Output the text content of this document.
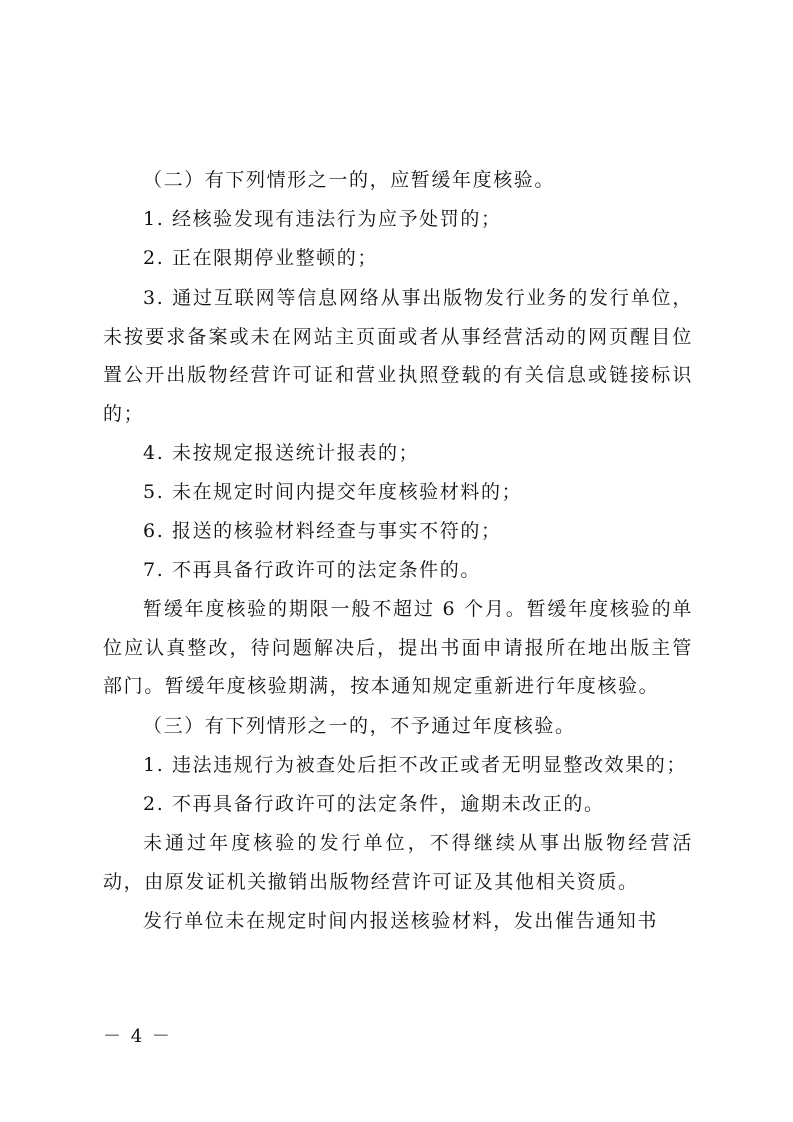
（二）有下列情形之一的，应暂缓年度核验。
1. 经核验发现有违法行为应予处罚的；
2. 正在限期停业整顿的；
3. 通过互联网等信息网络从事出版物发行业务的发行单位，未按要求备案或未在网站主页面或者从事经营活动的网页醒目位置公开出版物经营许可证和营业执照登载的有关信息或链接标识的；
4. 未按规定报送统计报表的；
5. 未在规定时间内提交年度核验材料的；
6. 报送的核验材料经查与事实不符的；
7. 不再具备行政许可的法定条件的。
暂缓年度核验的期限一般不超过 6 个月。暂缓年度核验的单位应认真整改，待问题解决后，提出书面申请报所在地出版主管部门。暂缓年度核验期满，按本通知规定重新进行年度核验。
（三）有下列情形之一的，不予通过年度核验。
1. 违法违规行为被查处后拒不改正或者无明显整改效果的；
2. 不再具备行政许可的法定条件，逾期未改正的。
未通过年度核验的发行单位，不得继续从事出版物经营活动，由原发证机关撤销出版物经营许可证及其他相关资质。
发行单位未在规定时间内报送核验材料，发出催告通知书
－ 4 －
